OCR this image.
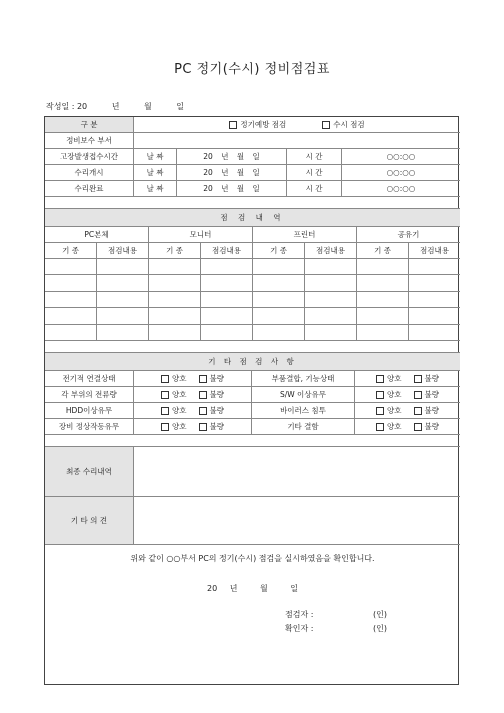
PC 정기(수시) 정비점검표
작성일 : 20	년	월	일
구 분	정기예방 점검	수시 점검
정비보수 부서
고장발생접수시간	날 짜	20 년 월 일	시 간	○○:○○
수리개시	날 짜	20 년 월 일	시 간	○○:○○
수리완료	날 짜	20 년 월 일	시 간	○○:○○
점 검 내 역
PC본체	모니터	프린터	공유기
기 종	점검내용	기 종	점검내용	기 종	점검내용	기 종	점검내용
기 타 점 검 사 항
전기적 연결상태	양호	불량	부품결합, 기능상태	양호	불량
각 부위의 전류량	양호	불량	S/W 이상유무	양호	불량
HDD이상유무	양호	불량	바이러스 침투	양호	불량
장비 정상작동유무	양호	불량	기타 결함	양호	불량
최종 수리내역
기 타 의 견
위와 같이 ○○부서 PC의 정기(수시) 점검을 실시하였음을 확인합니다.
20 년	월	일
점검자 :	(인)
확인자 :	(인)
